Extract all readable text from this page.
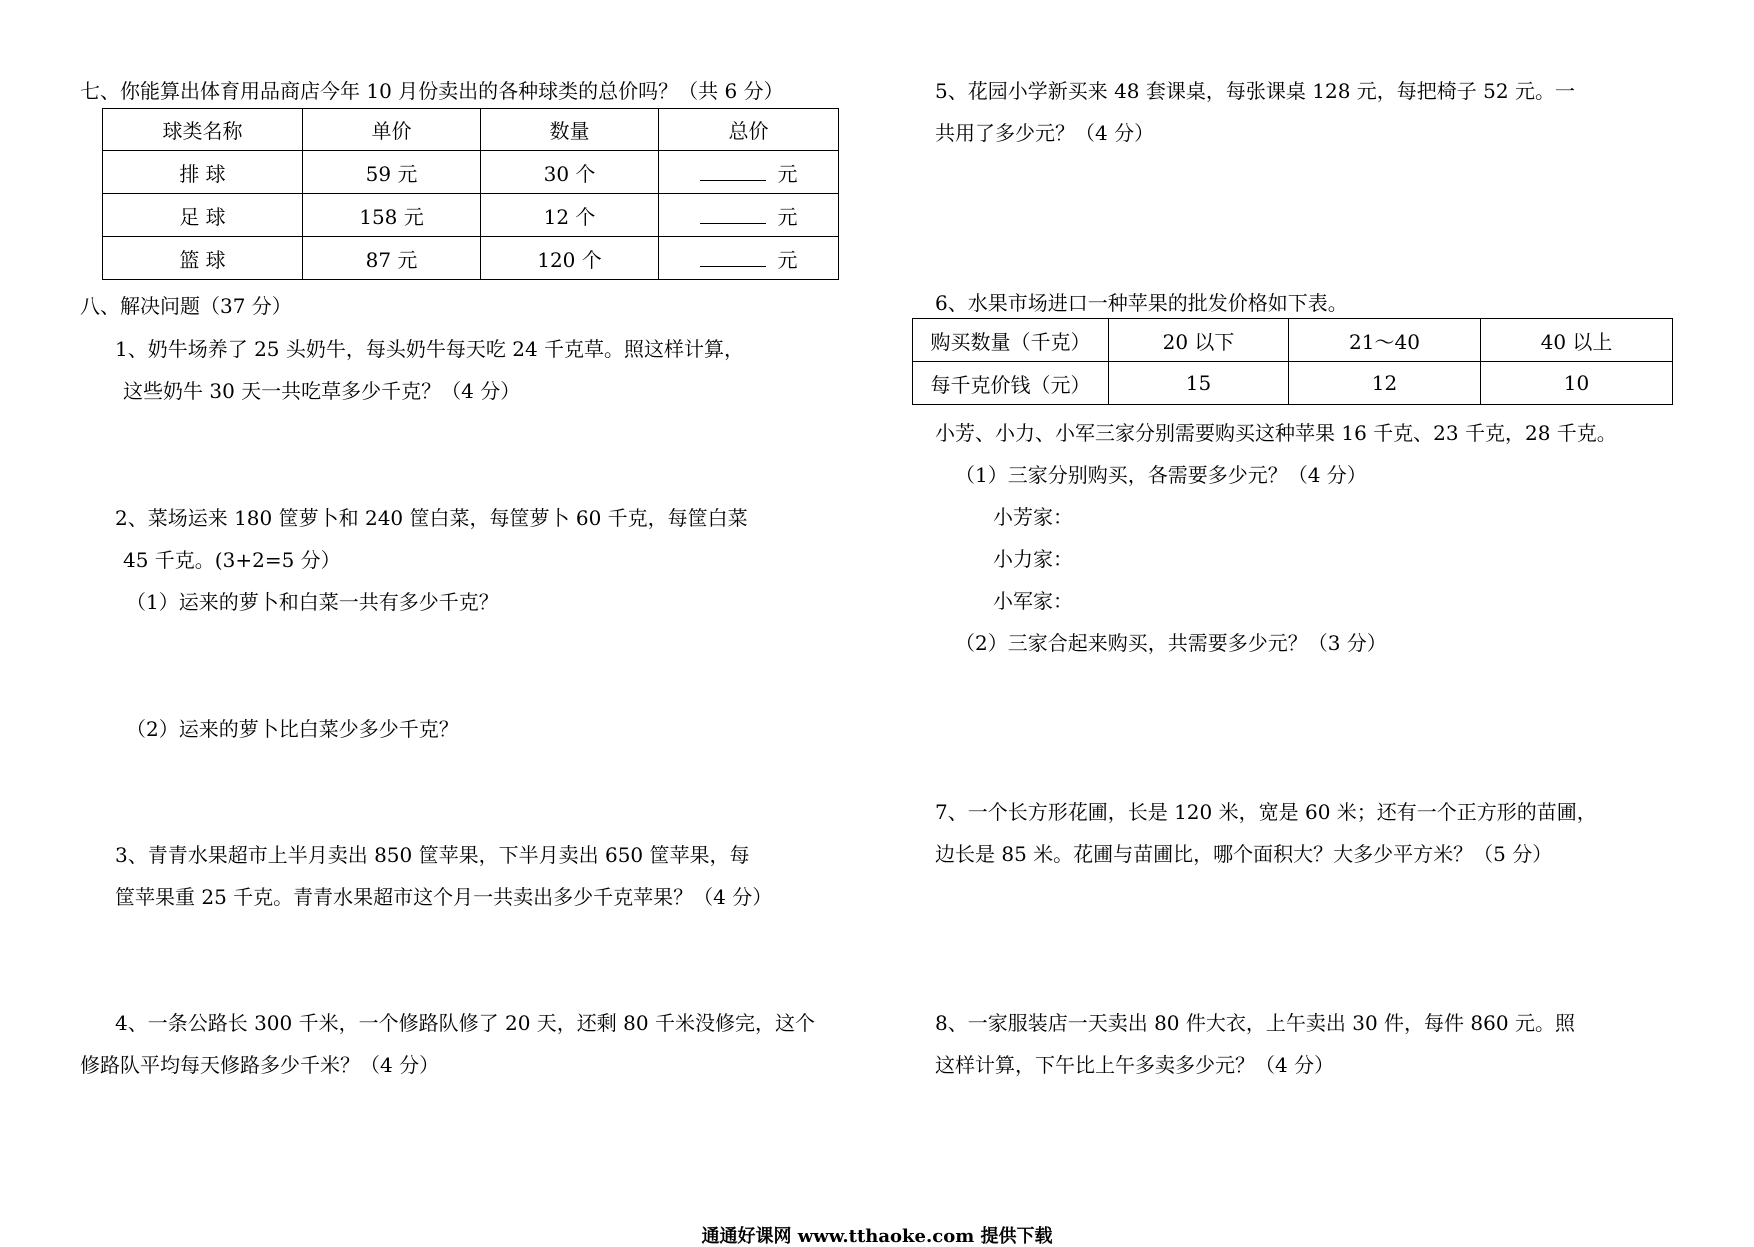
七、你能算出体育用品商店今年 10 月份卖出的各种球类的总价吗？（共 6 分）
球类名称	单价	数量	总价
排 球	59 元	30 个	元
足 球	158 元	12 个	元
篮 球	87 元	120 个	元
八、解决问题（37 分）
1、奶牛场养了 25 头奶牛，每头奶牛每天吃 24 千克草。照这样计算，
这些奶牛 30 天一共吃草多少千克？（4 分）
2、菜场运来 180 筐萝卜和 240 筐白菜，每筐萝卜 60 千克，每筐白菜
45 千克。(3+2=5 分）
（1）运来的萝卜和白菜一共有多少千克？
（2）运来的萝卜比白菜少多少千克？
3、青青水果超市上半月卖出 850 筐苹果，下半月卖出 650 筐苹果，每
筐苹果重 25 千克。青青水果超市这个月一共卖出多少千克苹果？（4 分）
4、一条公路长 300 千米，一个修路队修了 20 天，还剩 80 千米没修完，这个
修路队平均每天修路多少千米？（4 分）
5、花园小学新买来 48 套课桌，每张课桌 128 元，每把椅子 52 元。一
共用了多少元？（4 分）
6、水果市场进口一种苹果的批发价格如下表。
购买数量（千克）	20 以下	21～40	40 以上
每千克价钱（元）	15	12	10
小芳、小力、小军三家分别需要购买这种苹果 16 千克、23 千克，28 千克。
（1）三家分别购买，各需要多少元？（4 分）
小芳家：
小力家：
小军家：
（2）三家合起来购买，共需要多少元？（3 分）
7、一个长方形花圃，长是 120 米，宽是 60 米；还有一个正方形的苗圃，
边长是 85 米。花圃与苗圃比，哪个面积大？大多少平方米？（5 分）
8、一家服装店一天卖出 80 件大衣，上午卖出 30 件，每件 860 元。照
这样计算，下午比上午多卖多少元？（4 分）
通通好课网 www.tthaoke.com 提供下载
